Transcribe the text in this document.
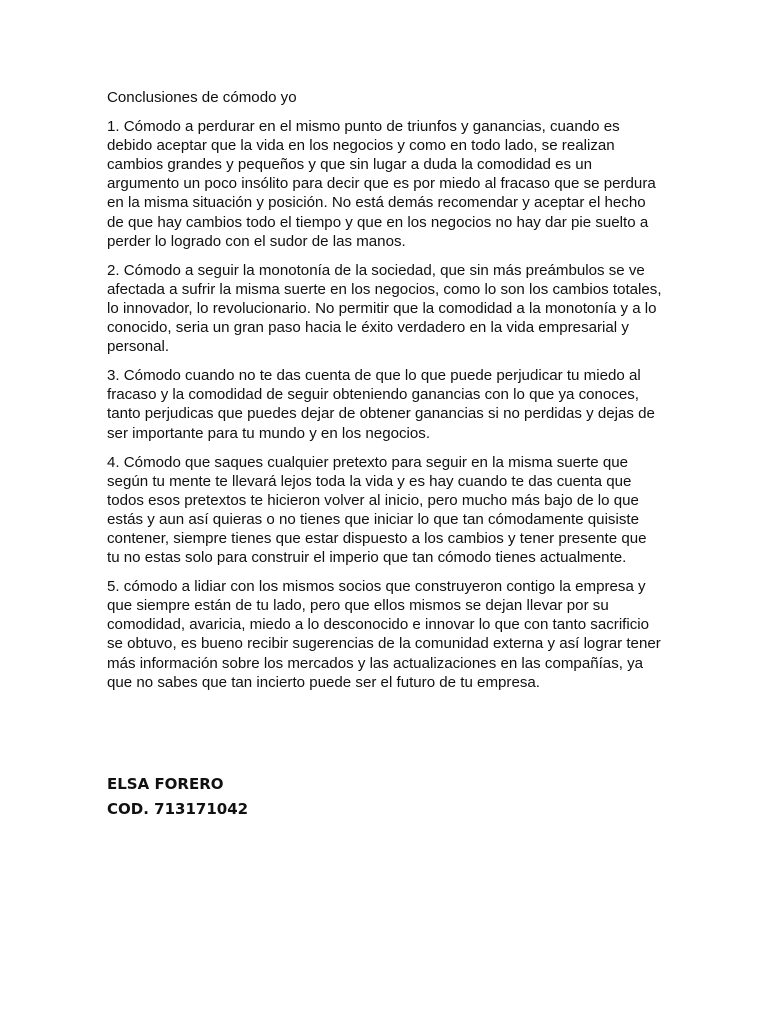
Conclusiones de cómodo yo

1. Cómodo a perdurar en el mismo punto de triunfos y ganancias, cuando es debido aceptar que la vida en los negocios y como en todo lado, se realizan cambios grandes y pequeños y que sin lugar a duda la comodidad es un argumento un poco insólito para decir que es por miedo al fracaso que se perdura en la misma situación y posición. No está demás recomendar y aceptar el hecho de que hay cambios todo el tiempo y que en los negocios no hay dar pie suelto a perder lo logrado con el sudor de las manos.

2. Cómodo a seguir la monotonía de la sociedad, que sin más preámbulos se ve afectada a sufrir la misma suerte en los negocios, como lo son los cambios totales, lo innovador, lo revolucionario. No permitir que la comodidad a la monotonía y a lo conocido, seria un gran paso hacia le éxito verdadero en la vida empresarial y personal.

3. Cómodo cuando no te das cuenta de que lo que puede perjudicar tu miedo al fracaso y la comodidad de seguir obteniendo ganancias con lo que ya conoces, tanto perjudicas que puedes dejar de obtener ganancias si no perdidas y dejas de ser importante para tu mundo y en los negocios.

4. Cómodo que saques cualquier pretexto para seguir en la misma suerte que según tu mente te llevará lejos toda la vida y es hay cuando te das cuenta que todos esos pretextos te hicieron volver al inicio, pero mucho más bajo de lo que estás y aun así quieras o no tienes que iniciar lo que tan cómodamente quisiste contener, siempre tienes que estar dispuesto a los cambios y tener presente que tu no estas solo para construir el imperio que tan cómodo tienes actualmente.

5. cómodo a lidiar con los mismos socios que construyeron contigo la empresa y que siempre están de tu lado, pero que ellos mismos se dejan llevar por su comodidad, avaricia, miedo a lo desconocido e innovar lo que con tanto sacrificio se obtuvo, es bueno recibir sugerencias de la comunidad externa y así lograr tener más información sobre los mercados y las actualizaciones en las compañías, ya que no sabes que tan incierto puede ser el futuro de tu empresa.

ELSA FORERO
COD. 713171042
